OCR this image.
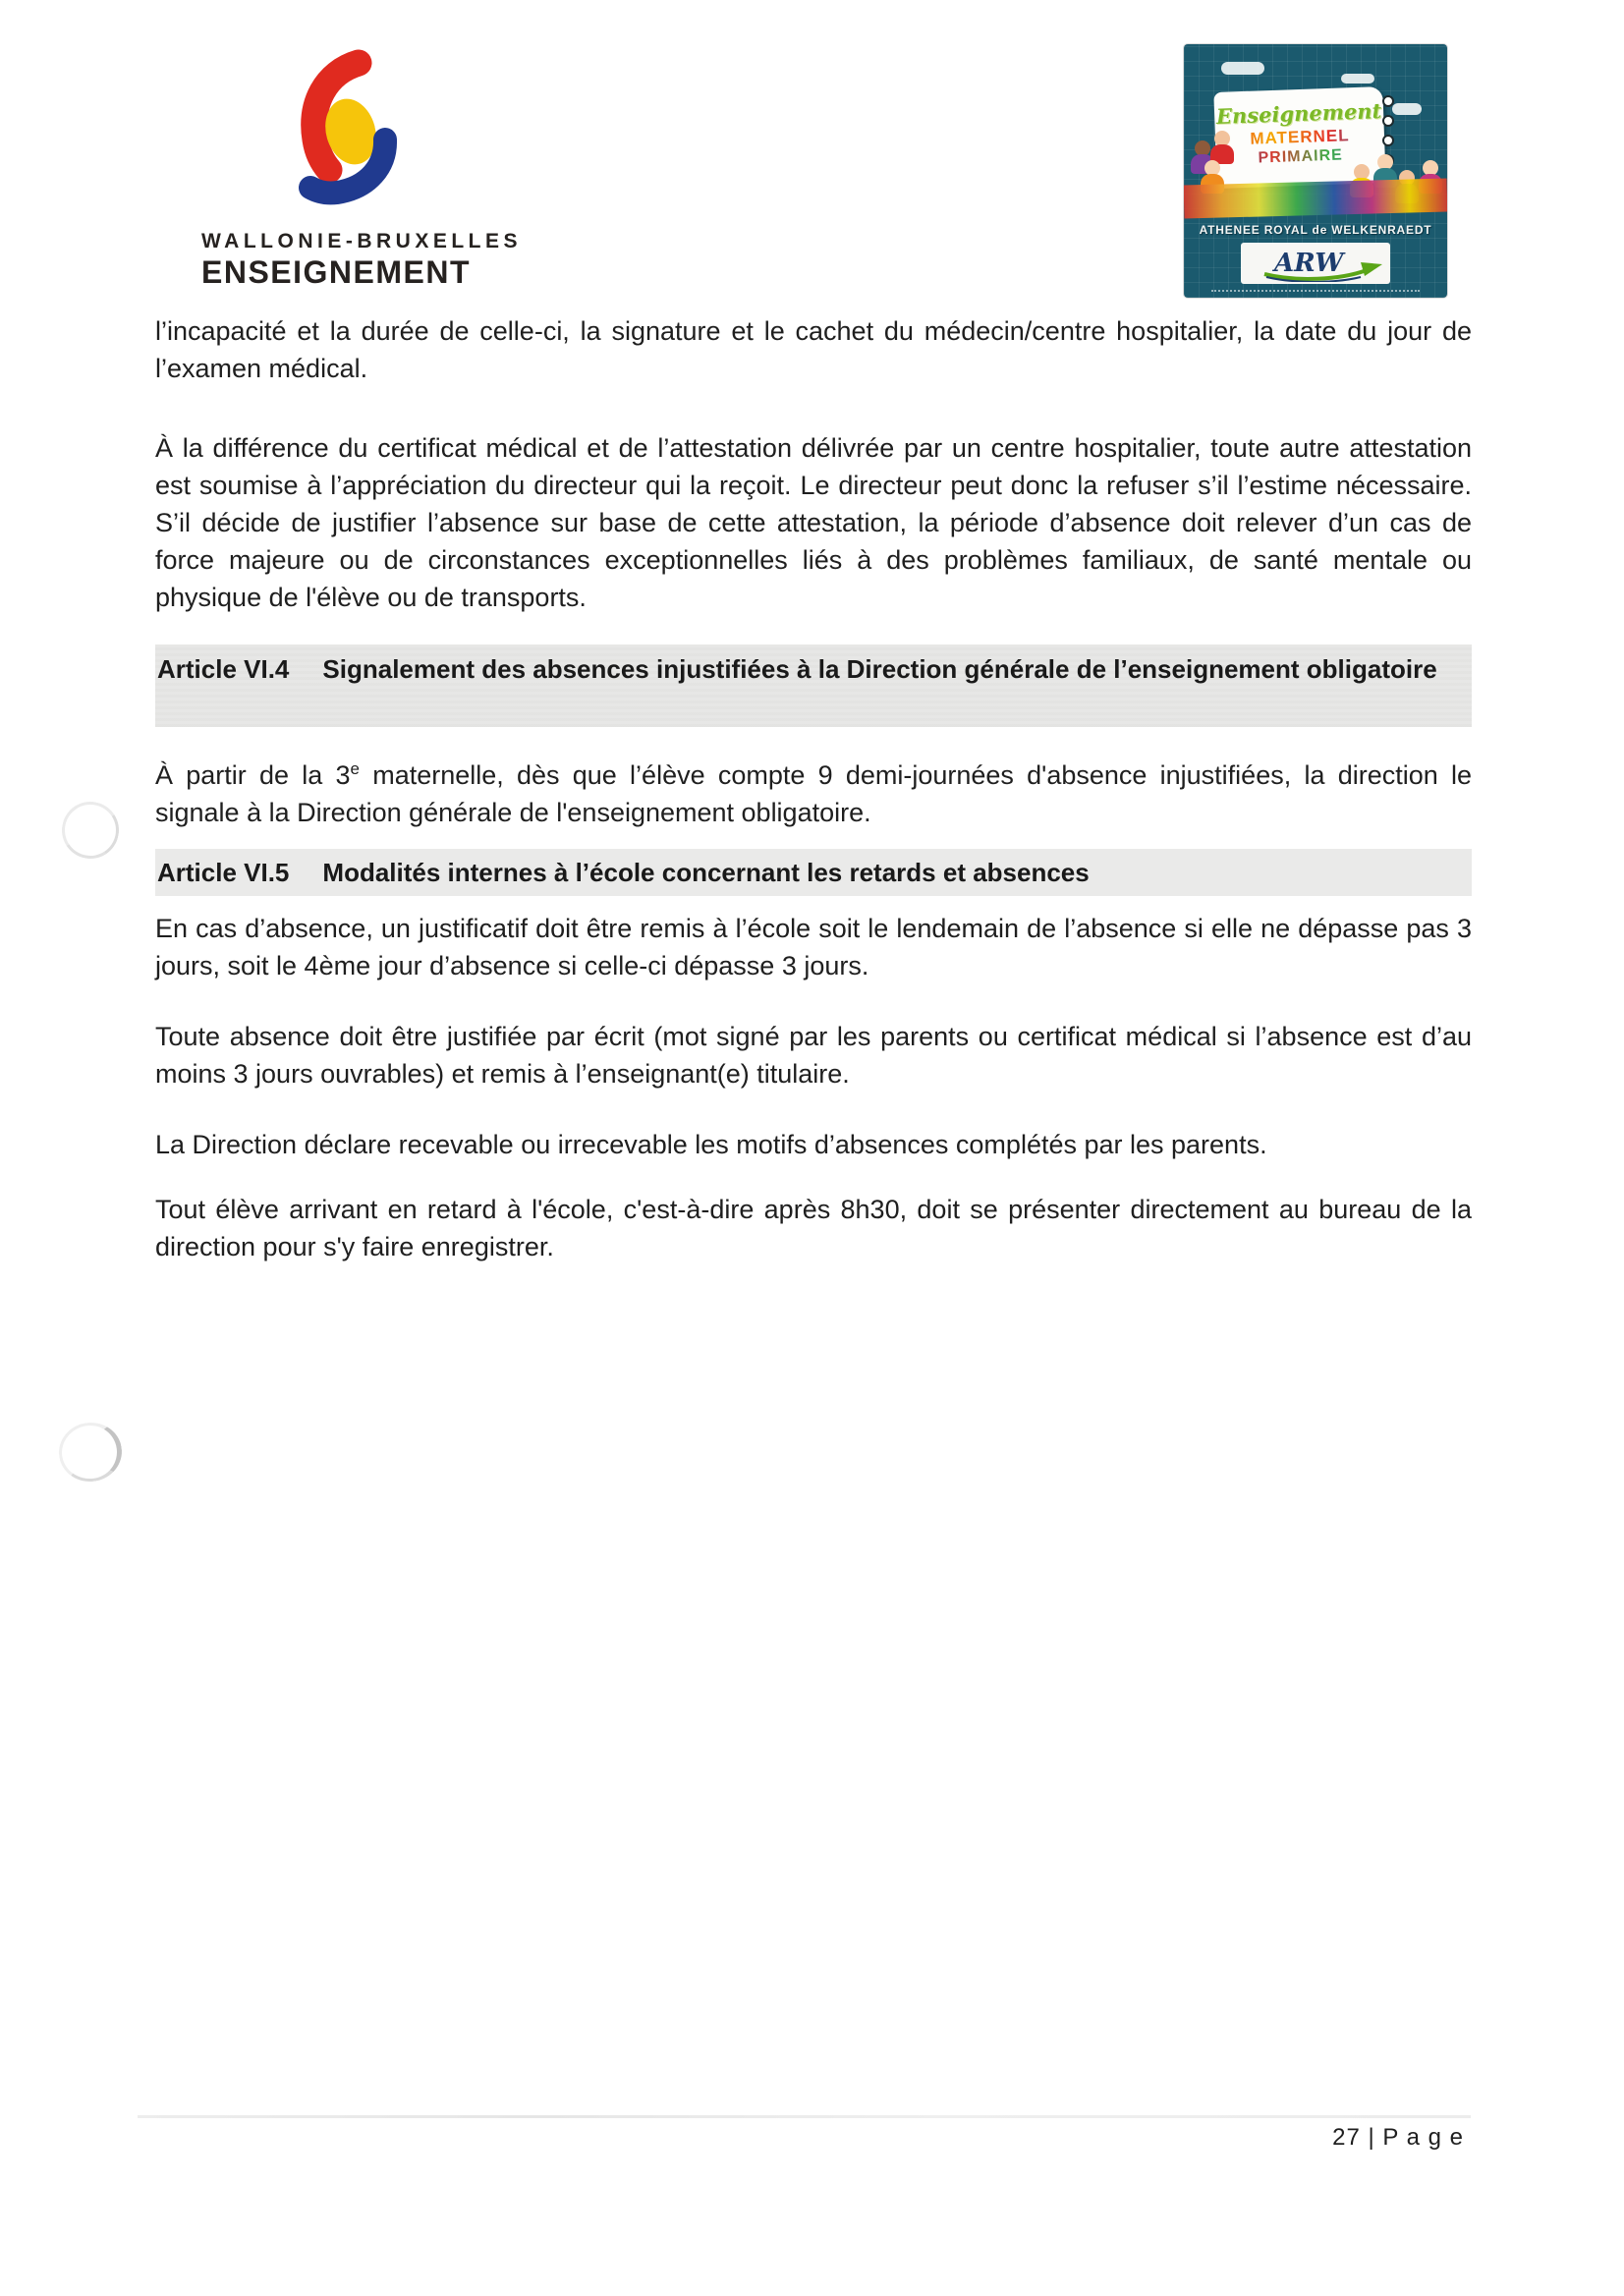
WALLONIE-BRUXELLES
ENSEIGNEMENT
Enseignement
MATERNEL
PRIMAIRE
ATHENEE ROYAL de WELKENRAEDT
ARW

l’incapacité et la durée de celle-ci, la signature et le cachet du médecin/centre hospitalier, la date du jour de l’examen médical.

À la différence du certificat médical et de l’attestation délivrée par un centre hospitalier, toute autre attestation est soumise à l’appréciation du directeur qui la reçoit. Le directeur peut donc la refuser s’il l’estime nécessaire. S’il décide de justifier l’absence sur base de cette attestation, la période d’absence doit relever d’un cas de force majeure ou de circonstances exceptionnelles liés à des problèmes familiaux, de santé mentale ou physique de l'élève ou de transports.

Article VI.4 Signalement des absences injustifiées à la Direction générale de l’enseignement obligatoire

À partir de la 3e maternelle, dès que l’élève compte 9 demi-journées d'absence injustifiées, la direction le signale à la Direction générale de l'enseignement obligatoire.

Article VI.5 Modalités internes à l’école concernant les retards et absences

En cas d’absence, un justificatif doit être remis à l’école soit le lendemain de l’absence si elle ne dépasse pas 3 jours, soit le 4ème jour d’absence si celle-ci dépasse 3 jours.

Toute absence doit être justifiée par écrit (mot signé par les parents ou certificat médical si l’absence est d’au moins 3 jours ouvrables) et remis à l’enseignant(e) titulaire.

La Direction déclare recevable ou irrecevable les motifs d’absences complétés par les parents.

Tout élève arrivant en retard à l'école, c'est-à-dire après 8h30, doit se présenter directement au bureau de la direction pour s'y faire enregistrer.

27 | P a g e
